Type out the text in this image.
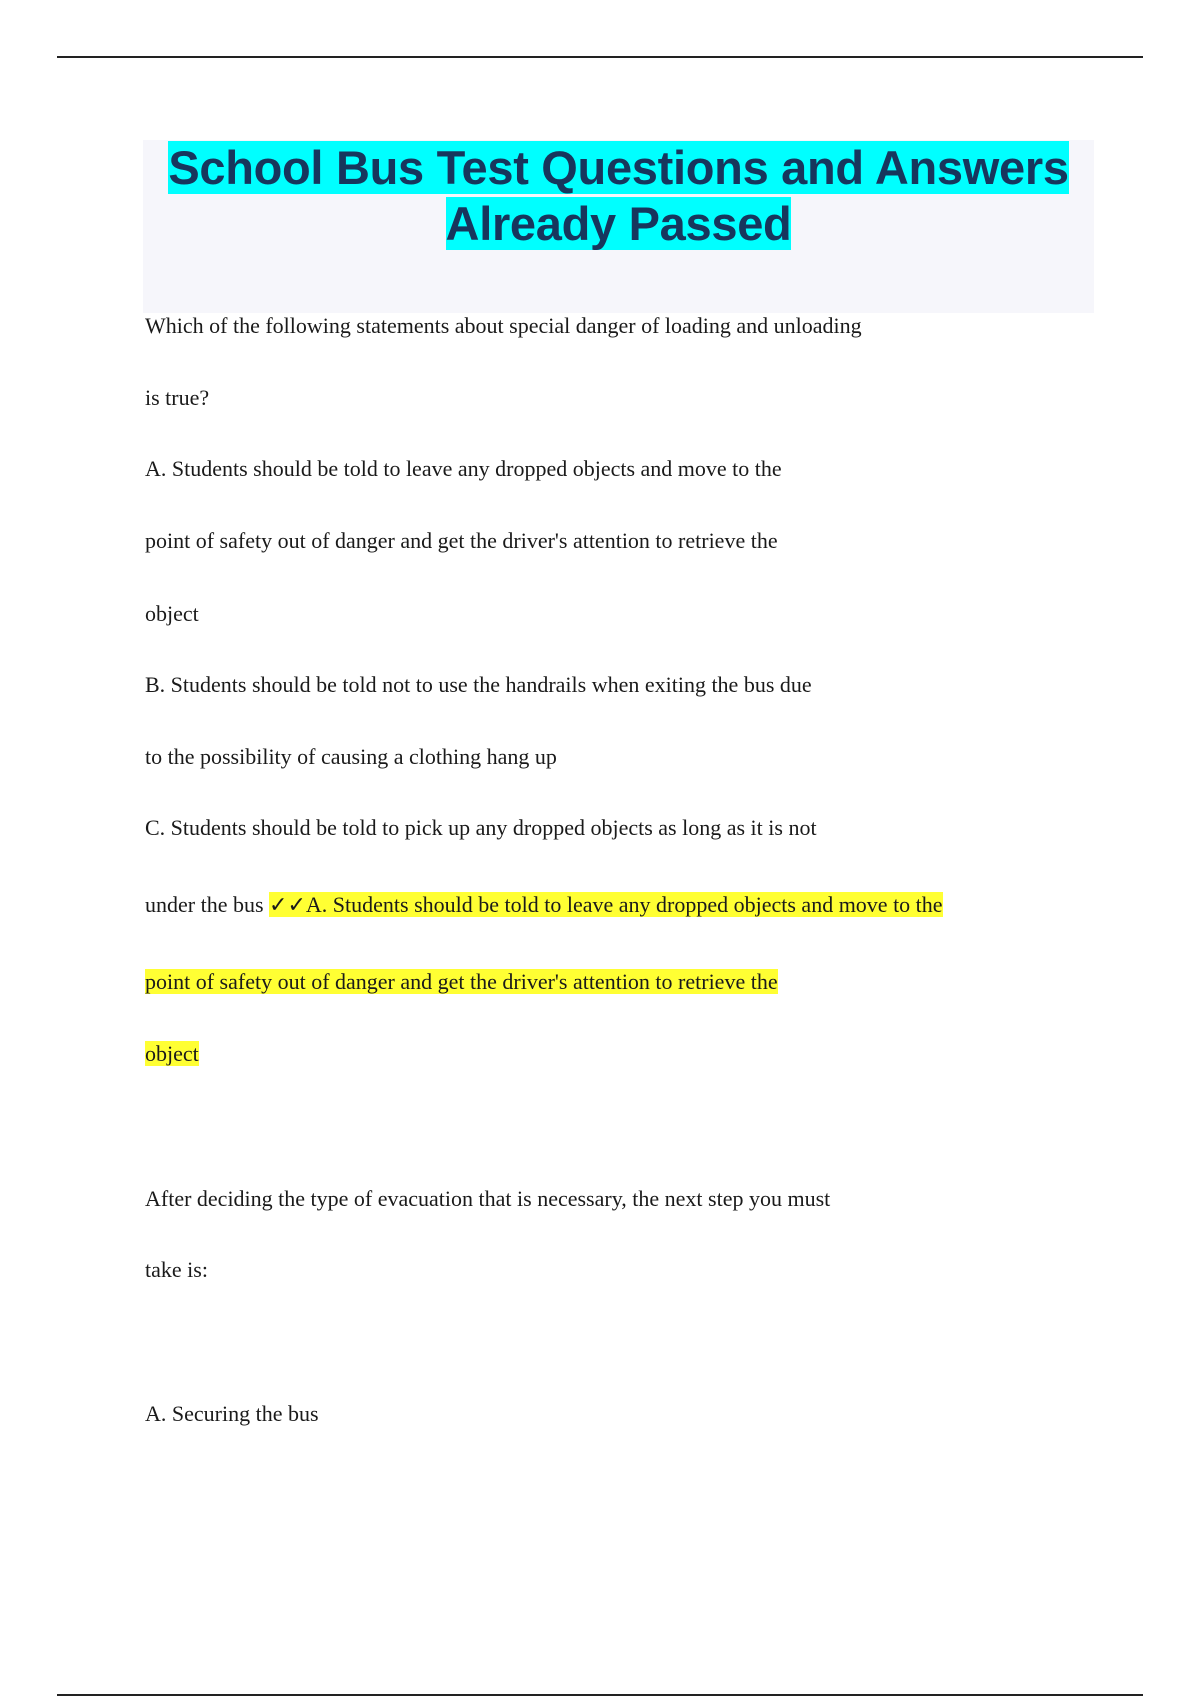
School Bus Test Questions and Answers
Already Passed
Which of the following statements about special danger of loading and unloading
is true?
A. Students should be told to leave any dropped objects and move to the
point of safety out of danger and get the driver's attention to retrieve the
object
B. Students should be told not to use the handrails when exiting the bus due
to the possibility of causing a clothing hang up
C. Students should be told to pick up any dropped objects as long as it is not
under the bus ✓✓A. Students should be told to leave any dropped objects and move to the
point of safety out of danger and get the driver's attention to retrieve the
object
After deciding the type of evacuation that is necessary, the next step you must
take is:
A. Securing the bus
